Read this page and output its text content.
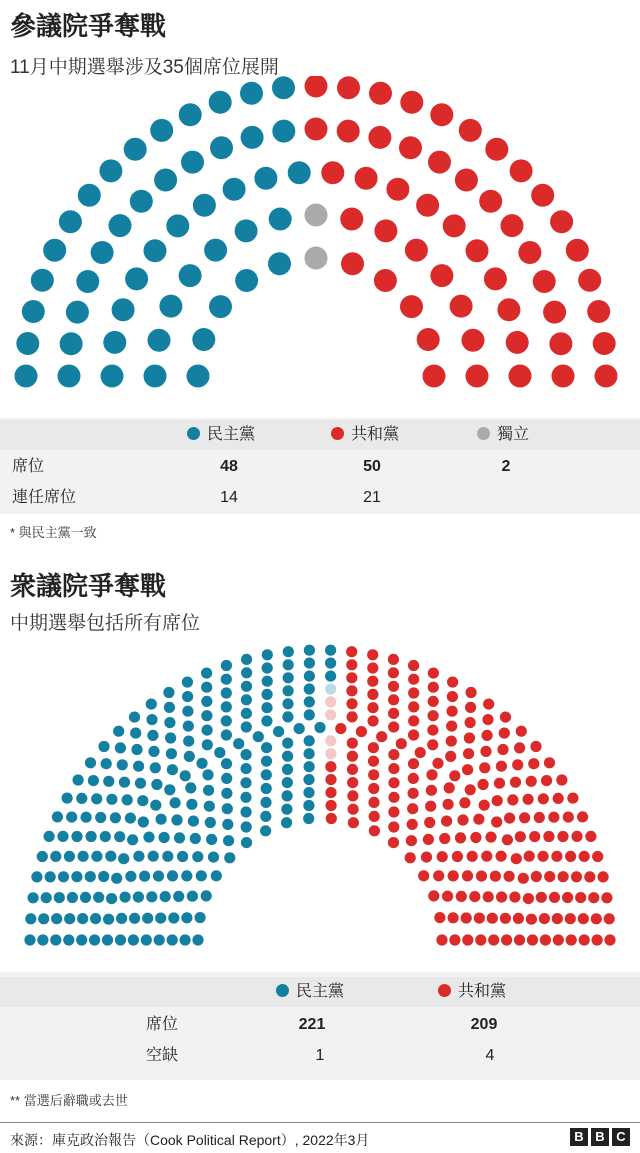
參議院爭奪戰
11月中期選舉涉及35個席位展開
民主黨	共和黨	獨立
席位	48	50	2
連任席位	14	21
* 與民主黨一致
衆議院爭奪戰
中期選舉包括所有席位
民主黨	共和黨
席位	221	209
空缺	1	4
** 當選后辭職或去世
來源：庫克政治報告（Cook Political Report）, 2022年3月	B B C
